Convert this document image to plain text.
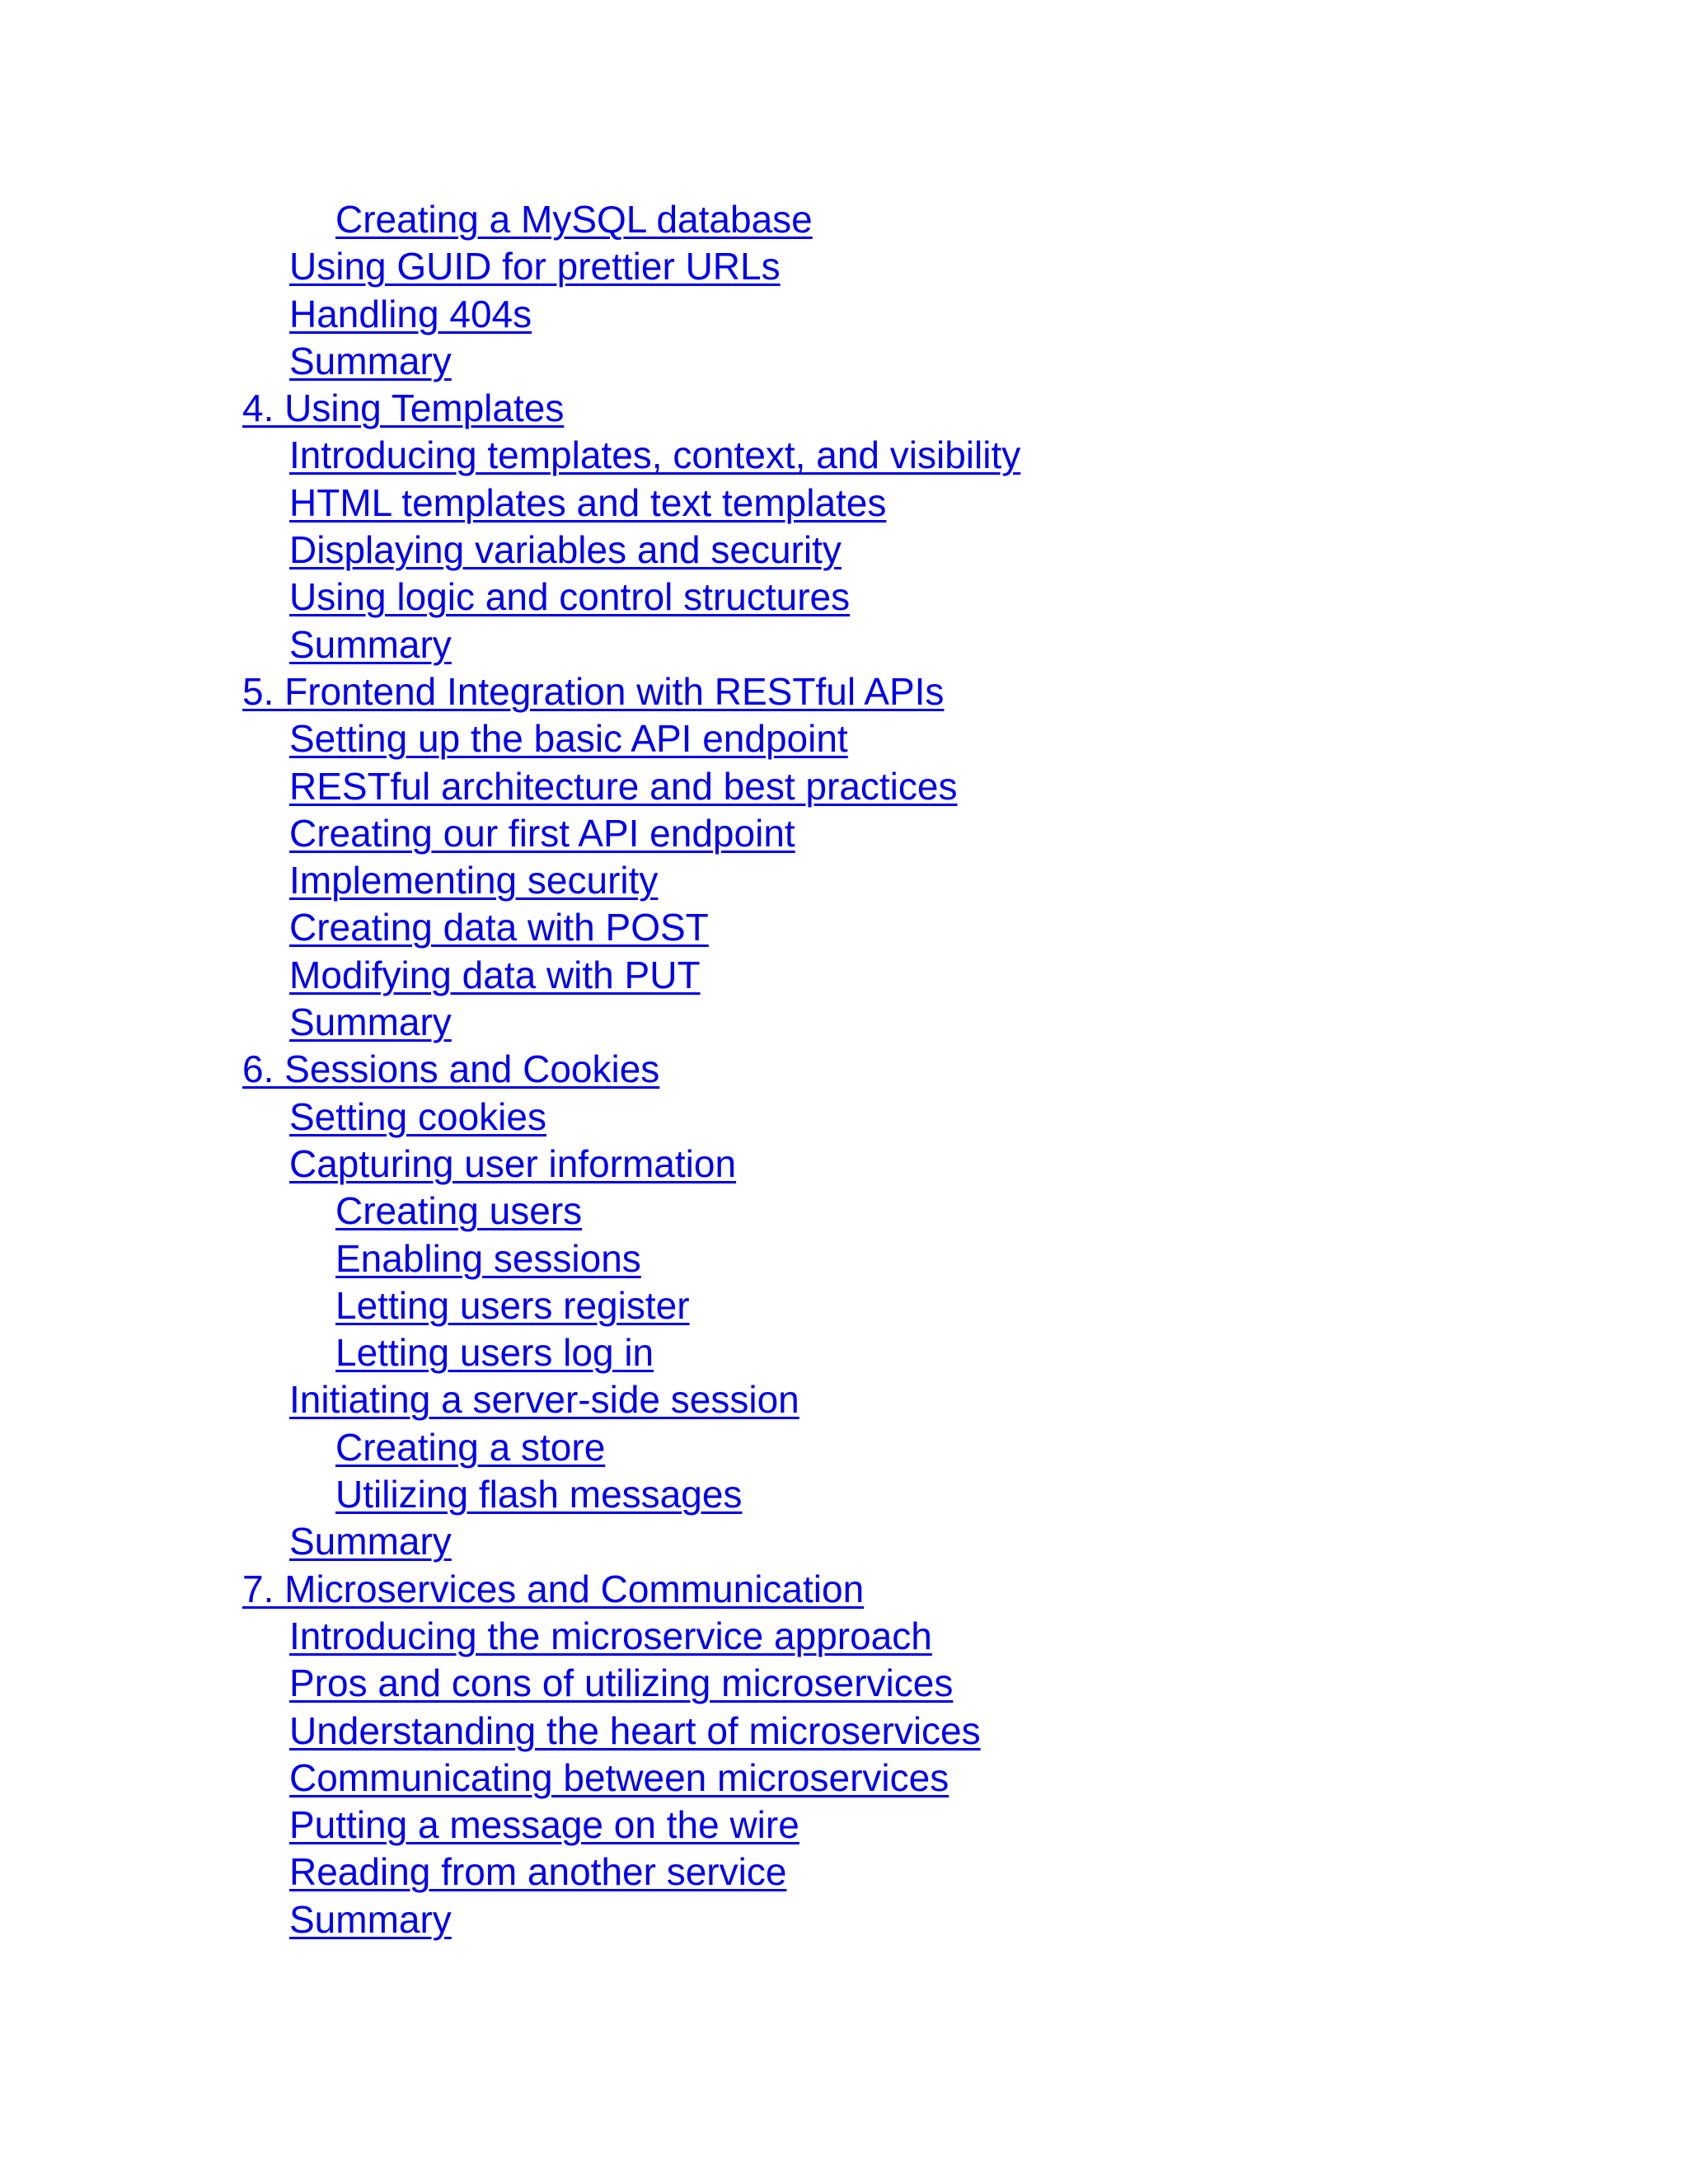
Creating a MySQL database
Using GUID for prettier URLs
Handling 404s
Summary
4. Using Templates
Introducing templates, context, and visibility
HTML templates and text templates
Displaying variables and security
Using logic and control structures
Summary
5. Frontend Integration with RESTful APIs
Setting up the basic API endpoint
RESTful architecture and best practices
Creating our first API endpoint
Implementing security
Creating data with POST
Modifying data with PUT
Summary
6. Sessions and Cookies
Setting cookies
Capturing user information
Creating users
Enabling sessions
Letting users register
Letting users log in
Initiating a server-side session
Creating a store
Utilizing flash messages
Summary
7. Microservices and Communication
Introducing the microservice approach
Pros and cons of utilizing microservices
Understanding the heart of microservices
Communicating between microservices
Putting a message on the wire
Reading from another service
Summary
